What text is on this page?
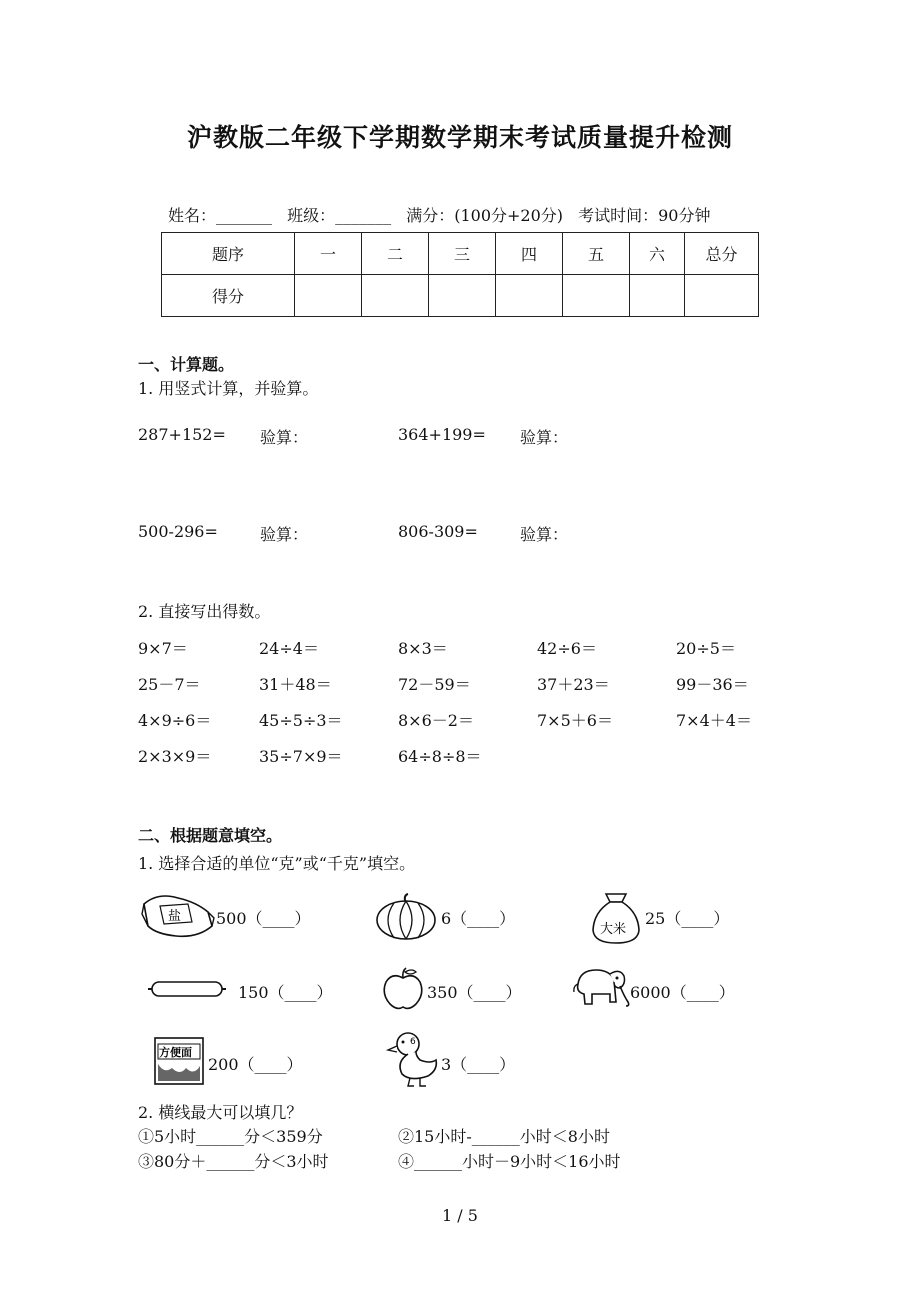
沪教版二年级下学期数学期末考试质量提升检测
姓名：_______ 班级：_______ 满分：(100分+20分) 考试时间：90分钟
题序	一	二	三	四	五	六	总分
得分							
一、计算题。
1. 用竖式计算，并验算。
287+152= 验算：	364+199= 验算：
500-296=	验算：	806-309=	验算：
2. 直接写出得数。
9×7＝	24÷4＝	8×3＝	42÷6＝	20÷5＝
25－7＝	31＋48＝	72－59＝	37＋23＝	99－36＝
4×9÷6＝	45÷5÷3＝	8×6－2＝	7×5＋6＝	7×4＋4＝
2×3×9＝	35÷7×9＝	64÷8÷8＝
二、根据题意填空。
1. 选择合适的单位“克”或“千克”填空。
盐 500（____）	6（____）
大米
25（____）
150（____）	350（____）	6000（____）
方便面
200（____）
6
3（____）
2. 横线最大可以填几？
①5小时______分＜359分	②15小时-______小时＜8小时
③80分＋______分＜3小时	④______小时－9小时＜16小时
1 / 5
